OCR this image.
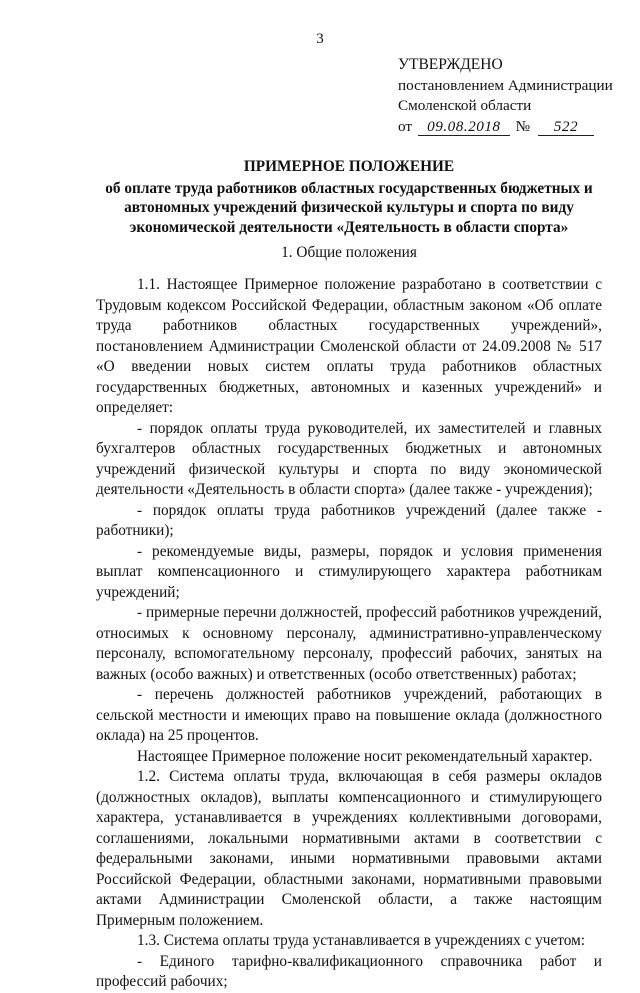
3
УТВЕРЖДЕНО
постановлением Администрации
Смоленской области
от 09.08.2018 № 522
ПРИМЕРНОЕ ПОЛОЖЕНИЕ
об оплате труда работников областных государственных бюджетных и
автономных учреждений физической культуры и спорта по виду
экономической деятельности «Деятельность в области спорта»
1. Общие положения

1.1. Настоящее Примерное положение разработано в соответствии с Трудовым кодексом Российской Федерации, областным законом «Об оплате труда работников областных государственных учреждений», постановлением Администрации Смоленской области от 24.09.2008 № 517 «О введении новых систем оплаты труда работников областных государственных бюджетных, автономных и казенных учреждений» и определяет:

- порядок оплаты труда руководителей, их заместителей и главных бухгалтеров областных государственных бюджетных и автономных учреждений физической культуры и спорта по виду экономической деятельности «Деятельность в области спорта» (далее также - учреждения);

- порядок оплаты труда работников учреждений (далее также - работники);

- рекомендуемые виды, размеры, порядок и условия применения выплат компенсационного и стимулирующего характера работникам учреждений;

- примерные перечни должностей, профессий работников учреждений, относимых к основному персоналу, административно-управленческому персоналу, вспомогательному персоналу, профессий рабочих, занятых на важных (особо важных) и ответственных (особо ответственных) работах;

- перечень должностей работников учреждений, работающих в сельской местности и имеющих право на повышение оклада (должностного оклада) на 25 процентов.

Настоящее Примерное положение носит рекомендательный характер.

1.2. Система оплаты труда, включающая в себя размеры окладов (должностных окладов), выплаты компенсационного и стимулирующего характера, устанавливается в учреждениях коллективными договорами, соглашениями, локальными нормативными актами в соответствии с федеральными законами, иными нормативными правовыми актами Российской Федерации, областными законами, нормативными правовыми актами Администрации Смоленской области, а также настоящим Примерным положением.

1.3. Система оплаты труда устанавливается в учреждениях с учетом:

- Единого тарифно-квалификационного справочника работ и профессий рабочих;
